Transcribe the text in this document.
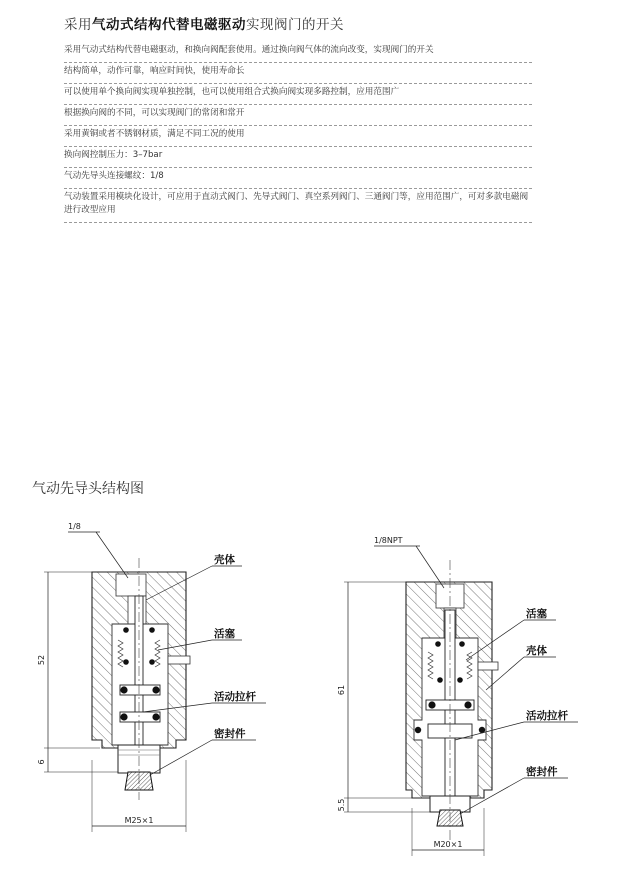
采用气动式结构代替电磁驱动实现阀门的开关
采用气动式结构代替电磁驱动，和换向阀配套使用。通过换向阀气体的流向改变，实现阀门的开关
结构简单，动作可靠，响应时间快，使用寿命长
可以使用单个换向阀实现单独控制，也可以使用组合式换向阀实现多路控制，应用范围广
根据换向阀的不同，可以实现阀门的常闭和常开
采用黄铜或者不锈钢材质，满足不同工况的使用
换向阀控制压力：3–7bar
气动先导头连接螺纹：1/8
气动装置采用模块化设计，可应用于直动式阀门、先导式阀门、真空系列阀门、三通阀门等，应用范围广，可对多款电磁阀进行改型应用
气动先导头结构图
1/8
52
6
M25×1
壳体
活塞
活动拉杆
密封件
1/8NPT
61
5.5
M20×1
活塞
壳体
活动拉杆
密封件
